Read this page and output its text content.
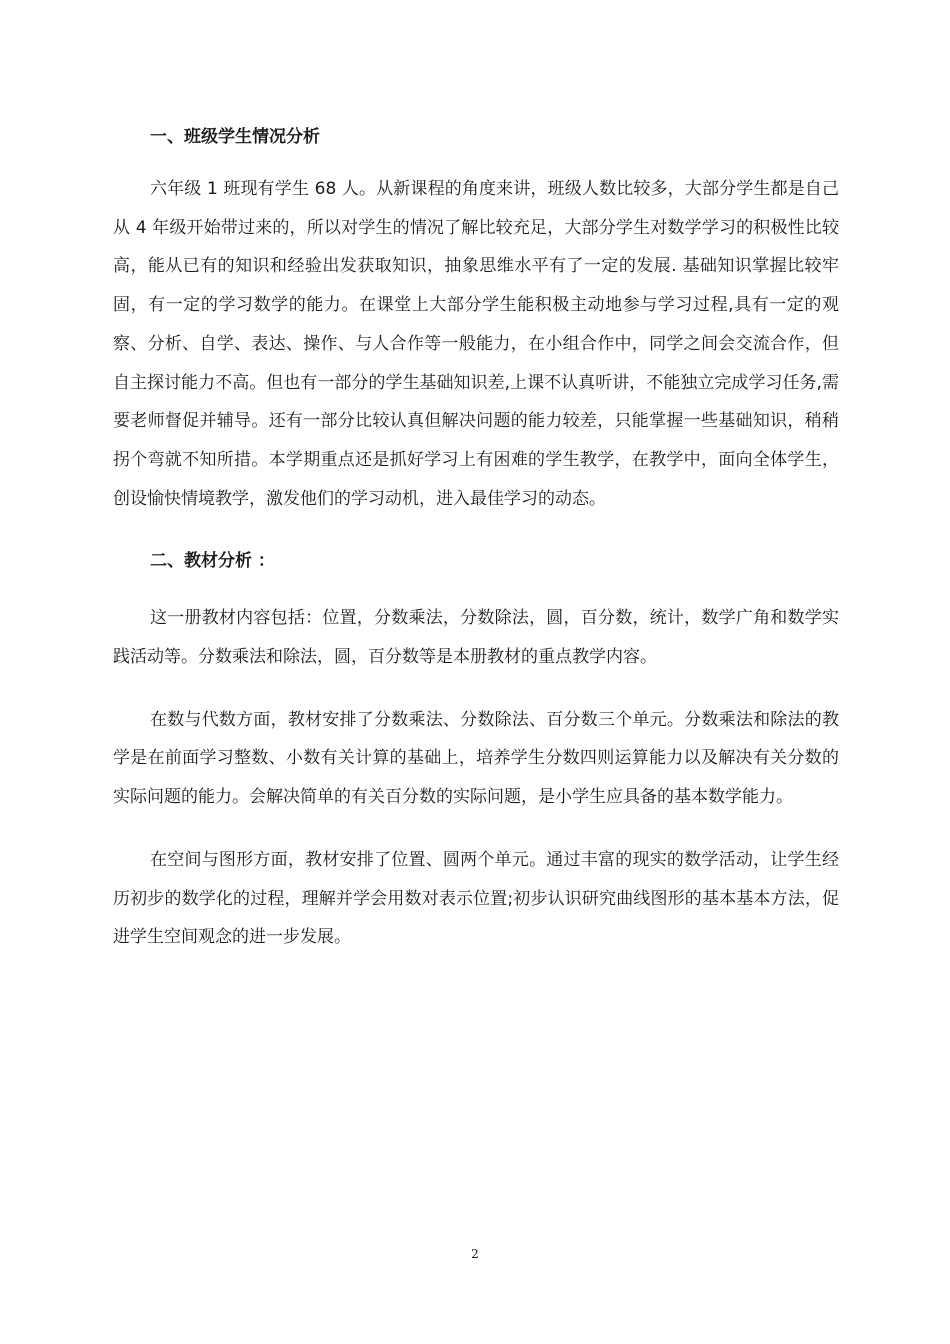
一、班级学生情况分析

六年级 1 班现有学生 68 人。从新课程的角度来讲，班级人数比较多，大部分学生都是自己从 4 年级开始带过来的，所以对学生的情况了解比较充足，大部分学生对数学学习的积极性比较高，能从已有的知识和经验出发获取知识，抽象思维水平有了一定的发展. 基础知识掌握比较牢固，有一定的学习数学的能力。在课堂上大部分学生能积极主动地参与学习过程,具有一定的观察、分析、自学、表达、操作、与人合作等一般能力，在小组合作中，同学之间会交流合作，但自主探讨能力不高。但也有一部分的学生基础知识差,上课不认真听讲，不能独立完成学习任务,需要老师督促并辅导。还有一部分比较认真但解决问题的能力较差，只能掌握一些基础知识，稍稍拐个弯就不知所措。本学期重点还是抓好学习上有困难的学生教学，在教学中，面向全体学生，创设愉快情境教学，激发他们的学习动机，进入最佳学习的动态。

二、教材分析 ：

这一册教材内容包括：位置，分数乘法，分数除法，圆，百分数，统计，数学广角和数学实践活动等。分数乘法和除法，圆，百分数等是本册教材的重点教学内容。

在数与代数方面，教材安排了分数乘法、分数除法、百分数三个单元。分数乘法和除法的教学是在前面学习整数、小数有关计算的基础上，培养学生分数四则运算能力以及解决有关分数的实际问题的能力。会解决简单的有关百分数的实际问题，是小学生应具备的基本数学能力。

在空间与图形方面，教材安排了位置、圆两个单元。通过丰富的现实的数学活动，让学生经历初步的数学化的过程，理解并学会用数对表示位置;初步认识研究曲线图形的基本基本方法，促进学生空间观念的进一步发展。

2
